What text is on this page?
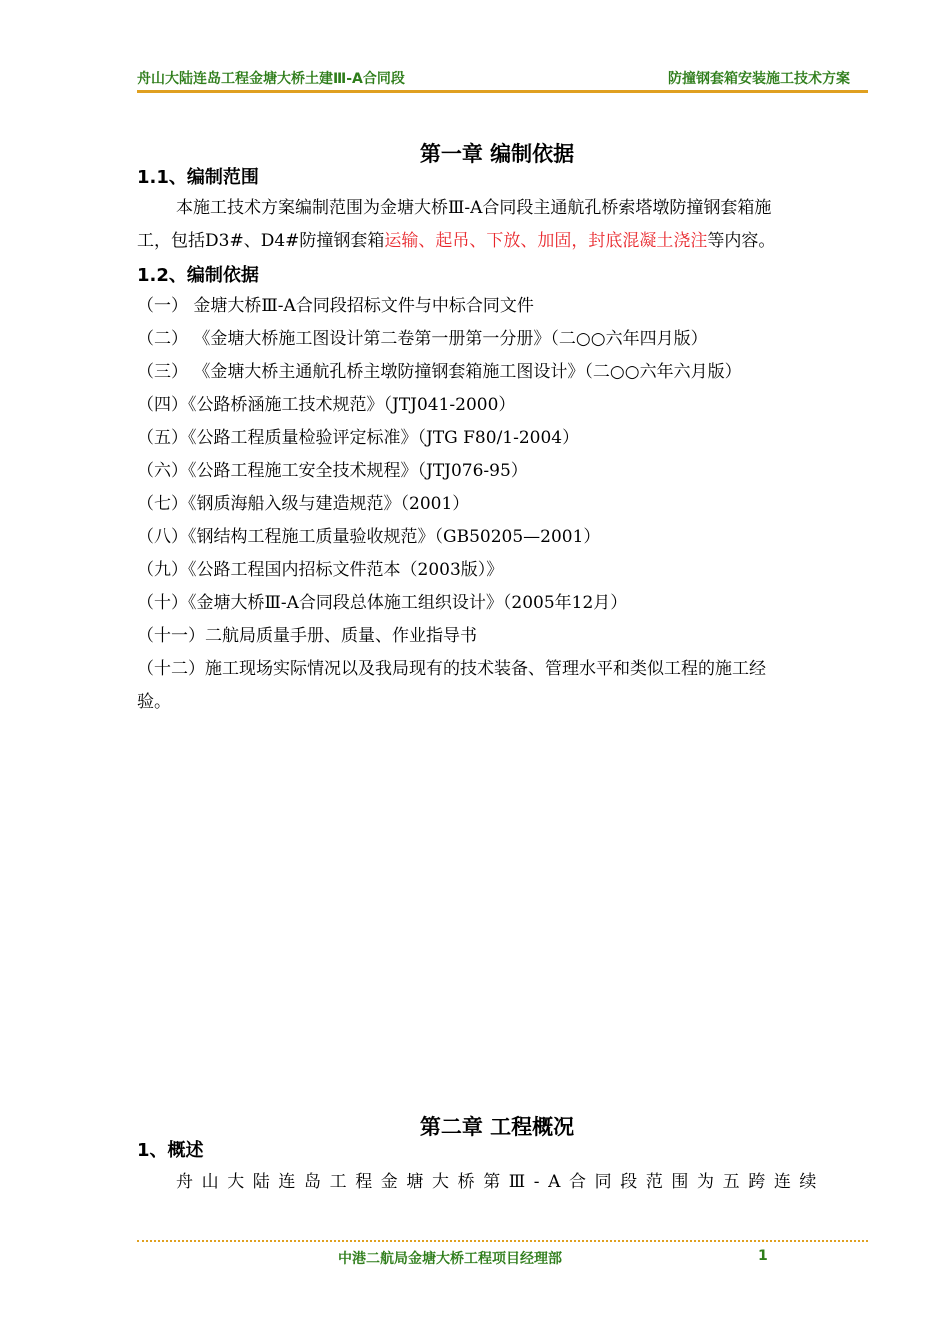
舟山大陆连岛工程金塘大桥土建Ⅲ-A合同段	防撞钢套箱安装施工技术方案
第一章 编制依据
1.1、编制范围
本施工技术方案编制范围为金塘大桥Ⅲ-A合同段主通航孔桥索塔墩防撞钢套箱施
工，包括D3#、D4#防撞钢套箱运输、起吊、下放、加固，封底混凝土浇注等内容。
1.2、编制依据
（一） 金塘大桥Ⅲ-A合同段招标文件与中标合同文件
（二） 《金塘大桥施工图设计第二卷第一册第一分册》（二○○六年四月版）
（三） 《金塘大桥主通航孔桥主墩防撞钢套箱施工图设计》（二○○六年六月版）
（四）《公路桥涵施工技术规范》（JTJ041-2000）
（五）《公路工程质量检验评定标准》（JTG F80/1-2004）
（六）《公路工程施工安全技术规程》（JTJ076-95）
（七）《钢质海船入级与建造规范》（2001）
（八）《钢结构工程施工质量验收规范》（GB50205—2001）
（九）《公路工程国内招标文件范本（2003版）》
（十）《金塘大桥Ⅲ-A合同段总体施工组织设计》（2005年12月）
（十一）二航局质量手册、质量、作业指导书
（十二）施工现场实际情况以及我局现有的技术装备、管理水平和类似工程的施工经
验。
第二章 工程概况
1、概述
舟山大陆连岛工程金塘大桥第Ⅲ-A合同段范围为五跨连续
中港二航局金塘大桥工程项目经理部	1
